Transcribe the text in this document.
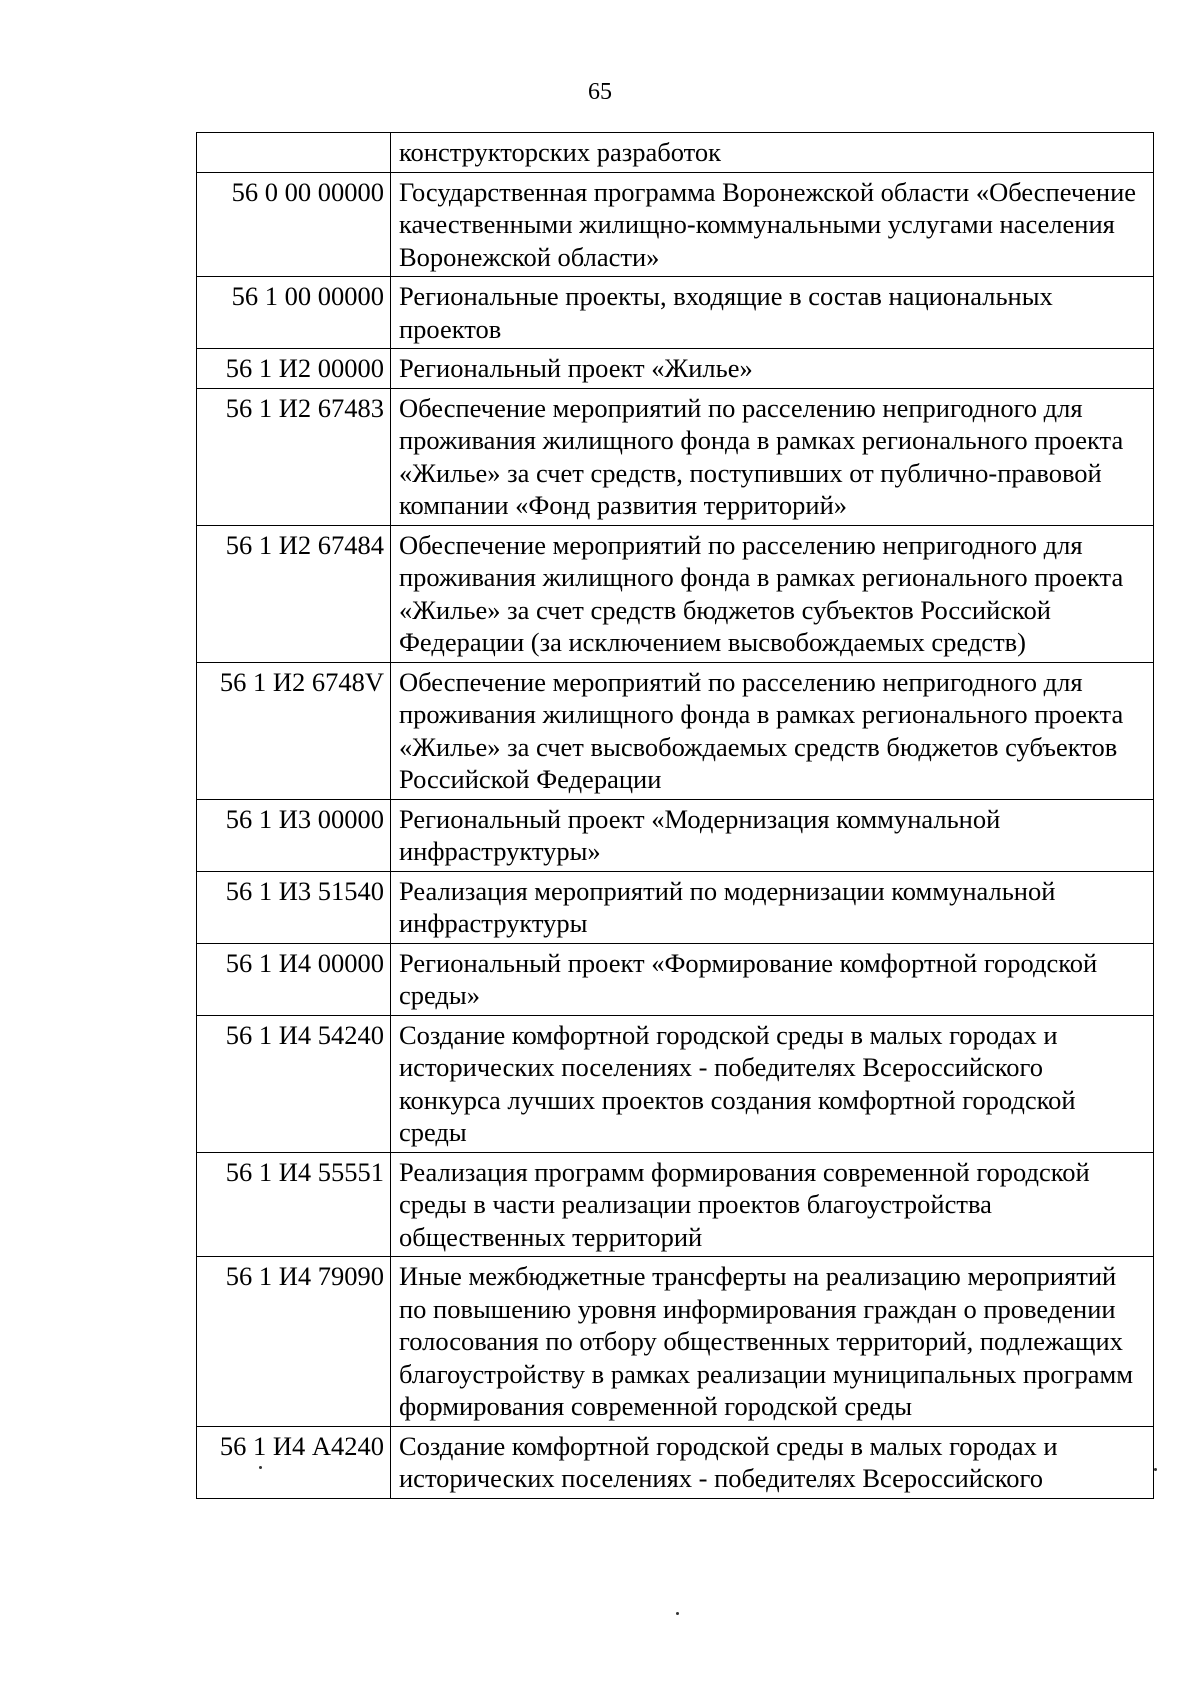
65
	конструкторских разработок
56 0 00 00000	Государственная программа Воронежской области «Обеспечение качественными жилищно-коммунальными услугами населения Воронежской области»
56 1 00 00000	Региональные проекты, входящие в состав национальных проектов
56 1 И2 00000	Региональный проект «Жилье»
56 1 И2 67483	Обеспечение мероприятий по расселению непригодного для проживания жилищного фонда в рамках регионального проекта «Жилье» за счет средств, поступивших от публично-правовой компании «Фонд развития территорий»
56 1 И2 67484	Обеспечение мероприятий по расселению непригодного для проживания жилищного фонда в рамках регионального проекта «Жилье» за счет средств бюджетов субъектов Российской Федерации (за исключением высвобождаемых средств)
56 1 И2 6748V	Обеспечение мероприятий по расселению непригодного для проживания жилищного фонда в рамках регионального проекта «Жилье» за счет высвобождаемых средств бюджетов субъектов Российской Федерации
56 1 И3 00000	Региональный проект «Модернизация коммунальной инфраструктуры»
56 1 И3 51540	Реализация мероприятий по модернизации коммунальной инфраструктуры
56 1 И4 00000	Региональный проект «Формирование комфортной городской среды»
56 1 И4 54240	Создание комфортной городской среды в малых городах и исторических поселениях - победителях Всероссийского конкурса лучших проектов создания комфортной городской среды
56 1 И4 55551	Реализация программ формирования современной городской среды в части реализации проектов благоустройства общественных территорий
56 1 И4 79090	Иные межбюджетные трансферты на реализацию мероприятий по повышению уровня информирования граждан о проведении голосования по отбору общественных территорий, подлежащих благоустройству в рамках реализации муниципальных программ формирования современной городской среды
56 1 И4 А4240	Создание комфортной городской среды в малых городах и исторических поселениях - победителях Всероссийского
